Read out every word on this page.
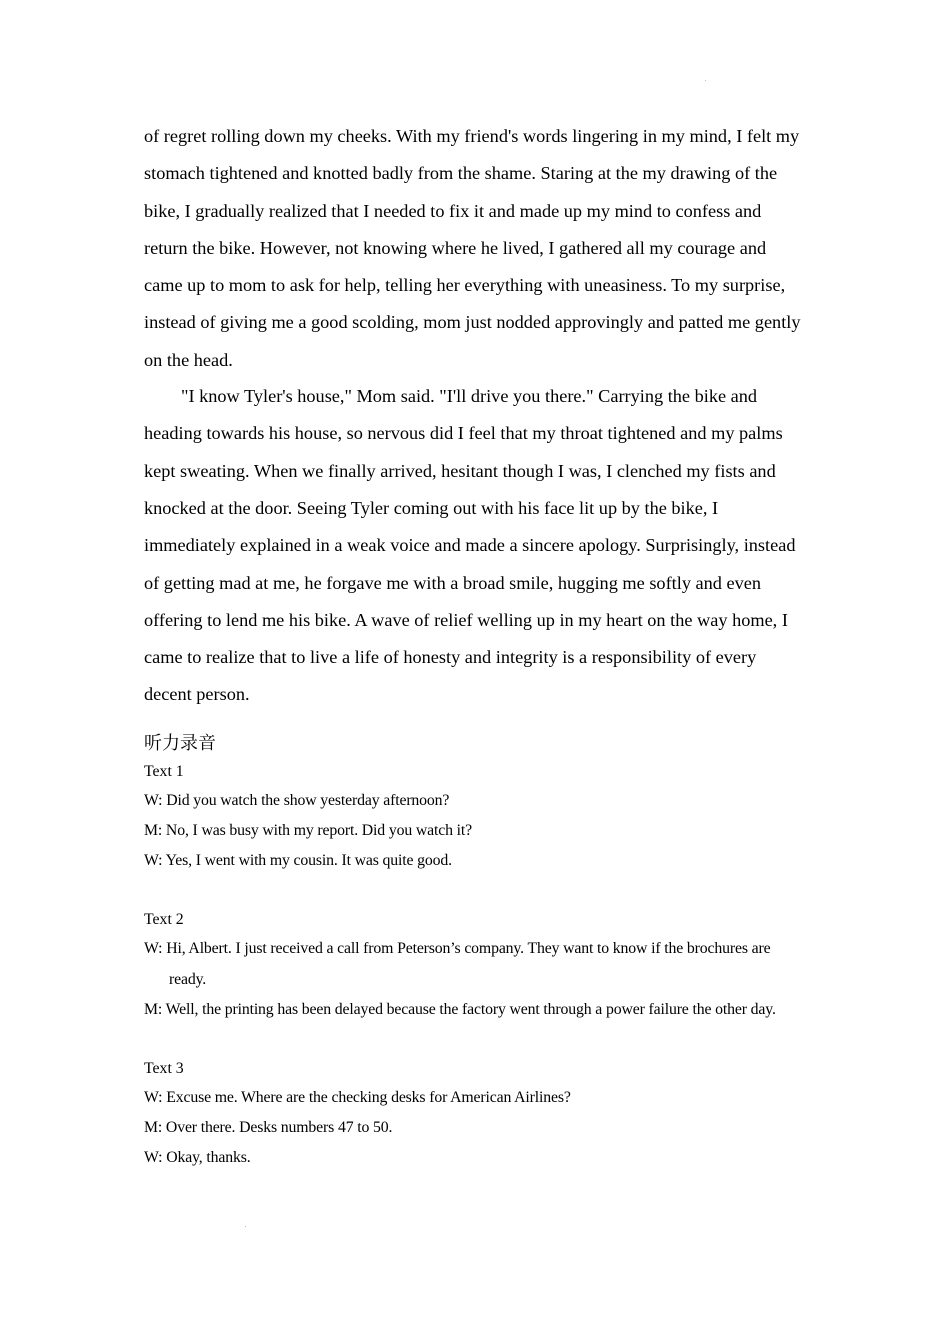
of regret rolling down my cheeks. With my friend's words lingering in my mind, I felt my stomach tightened and knotted badly from the shame. Staring at the my drawing of the bike, I gradually realized that I needed to fix it and made up my mind to confess and return the bike. However, not knowing where he lived, I gathered all my courage and came up to mom to ask for help, telling her everything with uneasiness. To my surprise, instead of giving me a good scolding, mom just nodded approvingly and patted me gently on the head.

"I know Tyler's house," Mom said. "I'll drive you there." Carrying the bike and heading towards his house, so nervous did I feel that my throat tightened and my palms kept sweating. When we finally arrived, hesitant though I was, I clenched my fists and knocked at the door. Seeing Tyler coming out with his face lit up by the bike, I immediately explained in a weak voice and made a sincere apology. Surprisingly, instead of getting mad at me, he forgave me with a broad smile, hugging me softly and even offering to lend me his bike. A wave of relief welling up in my heart on the way home, I came to realize that to live a life of honesty and integrity is a responsibility of every decent person.

听力录音
Text 1
W: Did you watch the show yesterday afternoon?
M: No, I was busy with my report. Did you watch it?
W: Yes, I went with my cousin. It was quite good.
Text 2
W: Hi, Albert. I just received a call from Peterson’s company. They want to know if the brochures are ready.
M: Well, the printing has been delayed because the factory went through a power failure the other day.
Text 3
W: Excuse me. Where are the checking desks for American Airlines?
M: Over there. Desks numbers 47 to 50.
W: Okay, thanks.
